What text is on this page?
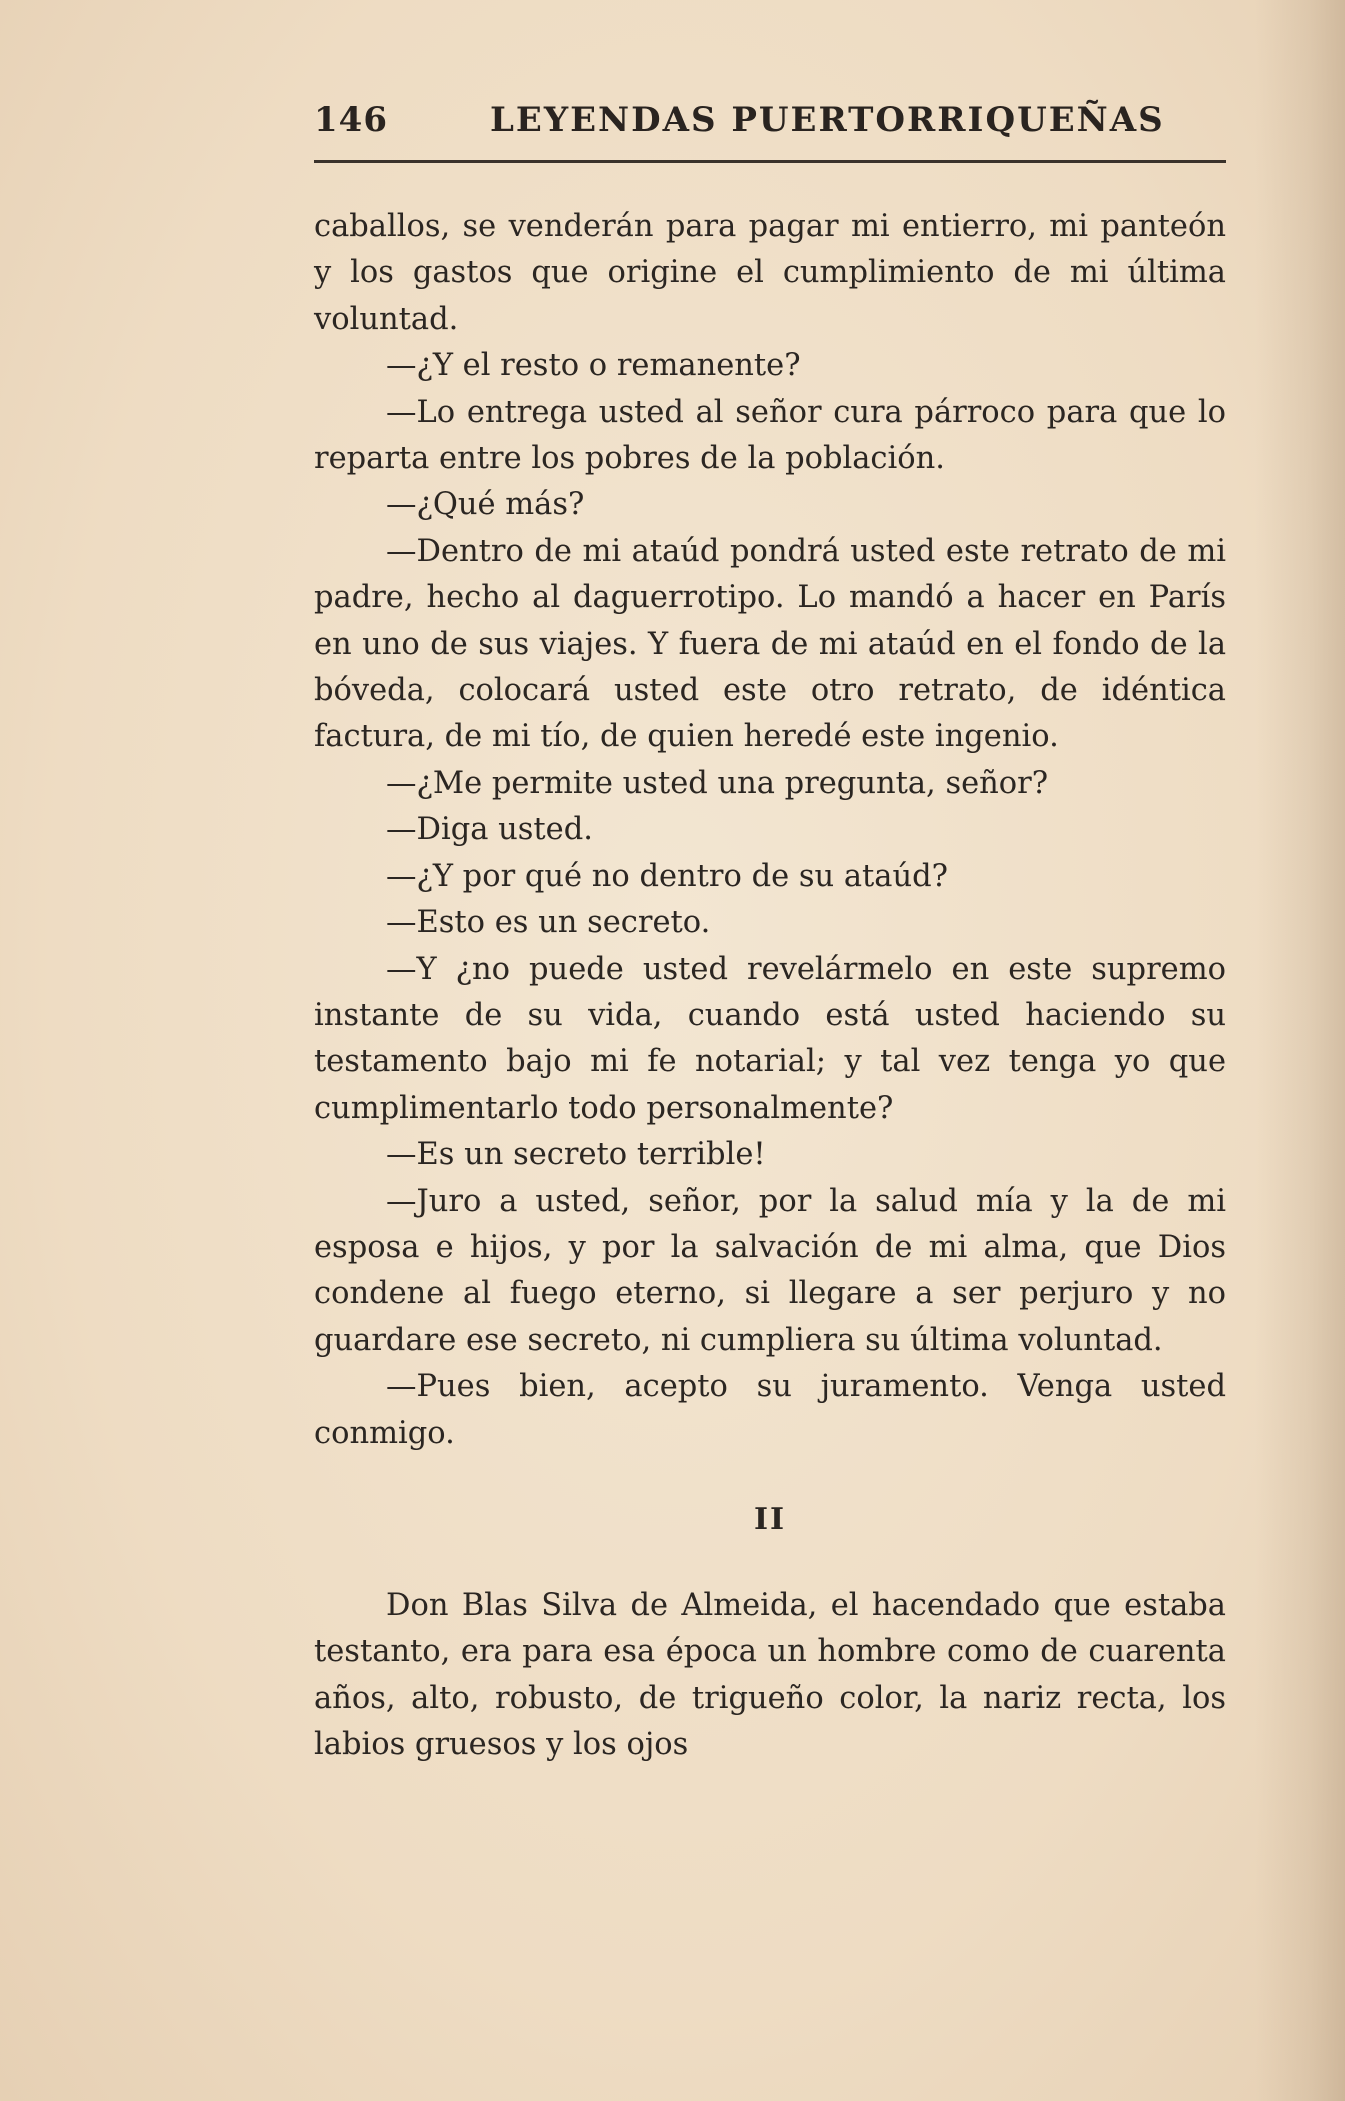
146	LEYENDAS PUERTORRIQUEÑAS

caballos, se venderán para pagar mi entierro, mi panteón y los gastos que origine el cumplimiento de mi última voluntad.

—¿Y el resto o remanente?

—Lo entrega usted al señor cura párroco para que lo reparta entre los pobres de la población.

—¿Qué más?

—Dentro de mi ataúd pondrá usted este retrato de mi padre, hecho al daguerrotipo. Lo mandó a hacer en París en uno de sus viajes. Y fuera de mi ataúd en el fondo de la bóveda, colocará usted este otro retrato, de idéntica factura, de mi tío, de quien heredé este ingenio.

—¿Me permite usted una pregunta, señor?

—Diga usted.

—¿Y por qué no dentro de su ataúd?

—Esto es un secreto.

—Y ¿no puede usted revelármelo en este supremo instante de su vida, cuando está usted haciendo su testamento bajo mi fe notarial; y tal vez tenga yo que cumplimentarlo todo personalmente?

—Es un secreto terrible!

—Juro a usted, señor, por la salud mía y la de mi esposa e hijos, y por la salvación de mi alma, que Dios condene al fuego eterno, si llegare a ser perjuro y no guardare ese secreto, ni cumpliera su última voluntad.

—Pues bien, acepto su juramento. Venga usted conmigo.

II

Don Blas Silva de Almeida, el hacendado que estaba testanto, era para esa época un hombre como de cuarenta años, alto, robusto, de trigueño color, la nariz recta, los labios gruesos y los ojos
